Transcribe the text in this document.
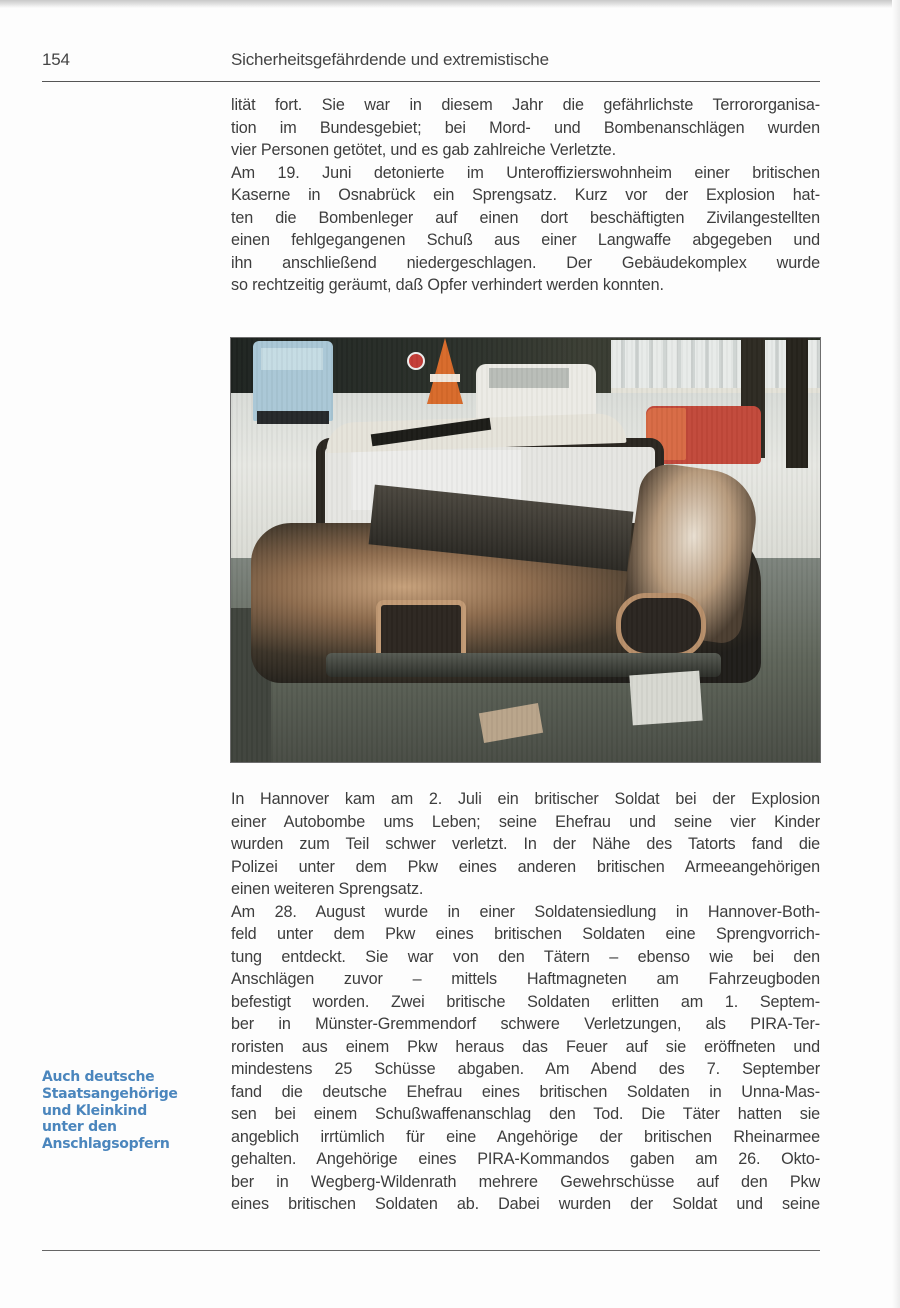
154	Sicherheitsgefährdende und extremistische
lität fort. Sie war in diesem Jahr die gefährlichste Terrororganisa-
tion im Bundesgebiet; bei Mord- und Bombenanschlägen wurden
vier Personen getötet, und es gab zahlreiche Verletzte.
Am 19. Juni detonierte im Unteroffizierswohnheim einer britischen
Kaserne in Osnabrück ein Sprengsatz. Kurz vor der Explosion hat-
ten die Bombenleger auf einen dort beschäftigten Zivilangestellten
einen fehlgegangenen Schuß aus einer Langwaffe abgegeben und
ihn anschließend niedergeschlagen. Der Gebäudekomplex wurde
so rechtzeitig geräumt, daß Opfer verhindert werden konnten.
In Hannover kam am 2. Juli ein britischer Soldat bei der Explosion
einer Autobombe ums Leben; seine Ehefrau und seine vier Kinder
wurden zum Teil schwer verletzt. In der Nähe des Tatorts fand die
Polizei unter dem Pkw eines anderen britischen Armeeangehörigen
einen weiteren Sprengsatz.
Am 28. August wurde in einer Soldatensiedlung in Hannover-Both-
feld unter dem Pkw eines britischen Soldaten eine Sprengvorrich-
tung entdeckt. Sie war von den Tätern – ebenso wie bei den
Anschlägen zuvor – mittels Haftmagneten am Fahrzeugboden
befestigt worden. Zwei britische Soldaten erlitten am 1. Septem-
ber in Münster-Gremmendorf schwere Verletzungen, als PIRA-Ter-
roristen aus einem Pkw heraus das Feuer auf sie eröffneten und
mindestens 25 Schüsse abgaben. Am Abend des 7. September
fand die deutsche Ehefrau eines britischen Soldaten in Unna-Mas-
sen bei einem Schußwaffenanschlag den Tod. Die Täter hatten sie
angeblich irrtümlich für eine Angehörige der britischen Rheinarmee
gehalten. Angehörige eines PIRA-Kommandos gaben am 26. Okto-
ber in Wegberg-Wildenrath mehrere Gewehrschüsse auf den Pkw
eines britischen Soldaten ab. Dabei wurden der Soldat und seine
Auch deutsche
Staatsangehörige
und Kleinkind
unter den
Anschlagsopfern
